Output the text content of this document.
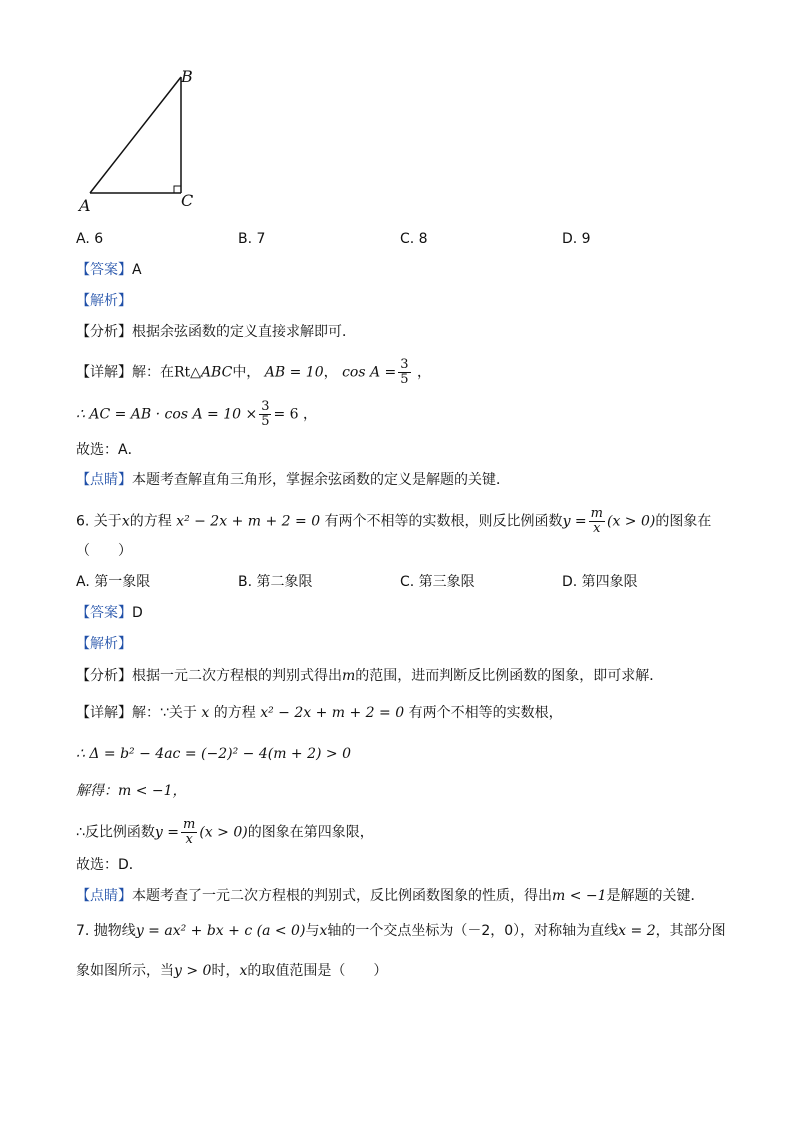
A
B
C
A. 6	B. 7	C. 8	D. 9
【答案】A
【解析】
【分析】根据余弦函数的定义直接求解即可．
【详解】解：在Rt△ABC中， AB = 10， $\cos A = \frac{3}{5}$ ，
∴ AC = AB · $\cos A = 10 \times \frac{3}{5} = 6$ ，
故选：A．
【点睛】本题考查解直角三角形，掌握余弦函数的定义是解题的关键．
6. 关于x的方程 x² − 2x + m + 2 = 0 有两个不相等的实数根，则反比例函数$y = \frac{m}{x} (x > 0)$的图象在
（　　）
A. 第一象限	B. 第二象限	C. 第三象限	D. 第四象限
【答案】D
【解析】
【分析】根据一元二次方程根的判别式得出m的范围，进而判断反比例函数的图象，即可求解．
【详解】解：∵关于 x 的方程 x² − 2x + m + 2 = 0 有两个不相等的实数根，
∴ Δ = b² − 4ac = (−2)² − 4(m + 2) > 0
解得：m < −1，
∴反比例函数$y = \frac{m}{x} (x > 0)$的图象在第四象限，
故选：D．
【点睛】本题考查了一元二次方程根的判别式，反比例函数图象的性质，得出m < −1是解题的关键．
7. 抛物线y = ax² + bx + c (a < 0)与x轴的一个交点坐标为（－2，0），对称轴为直线x = 2，其部分图
象如图所示，当y > 0时，x的取值范围是（　　）
